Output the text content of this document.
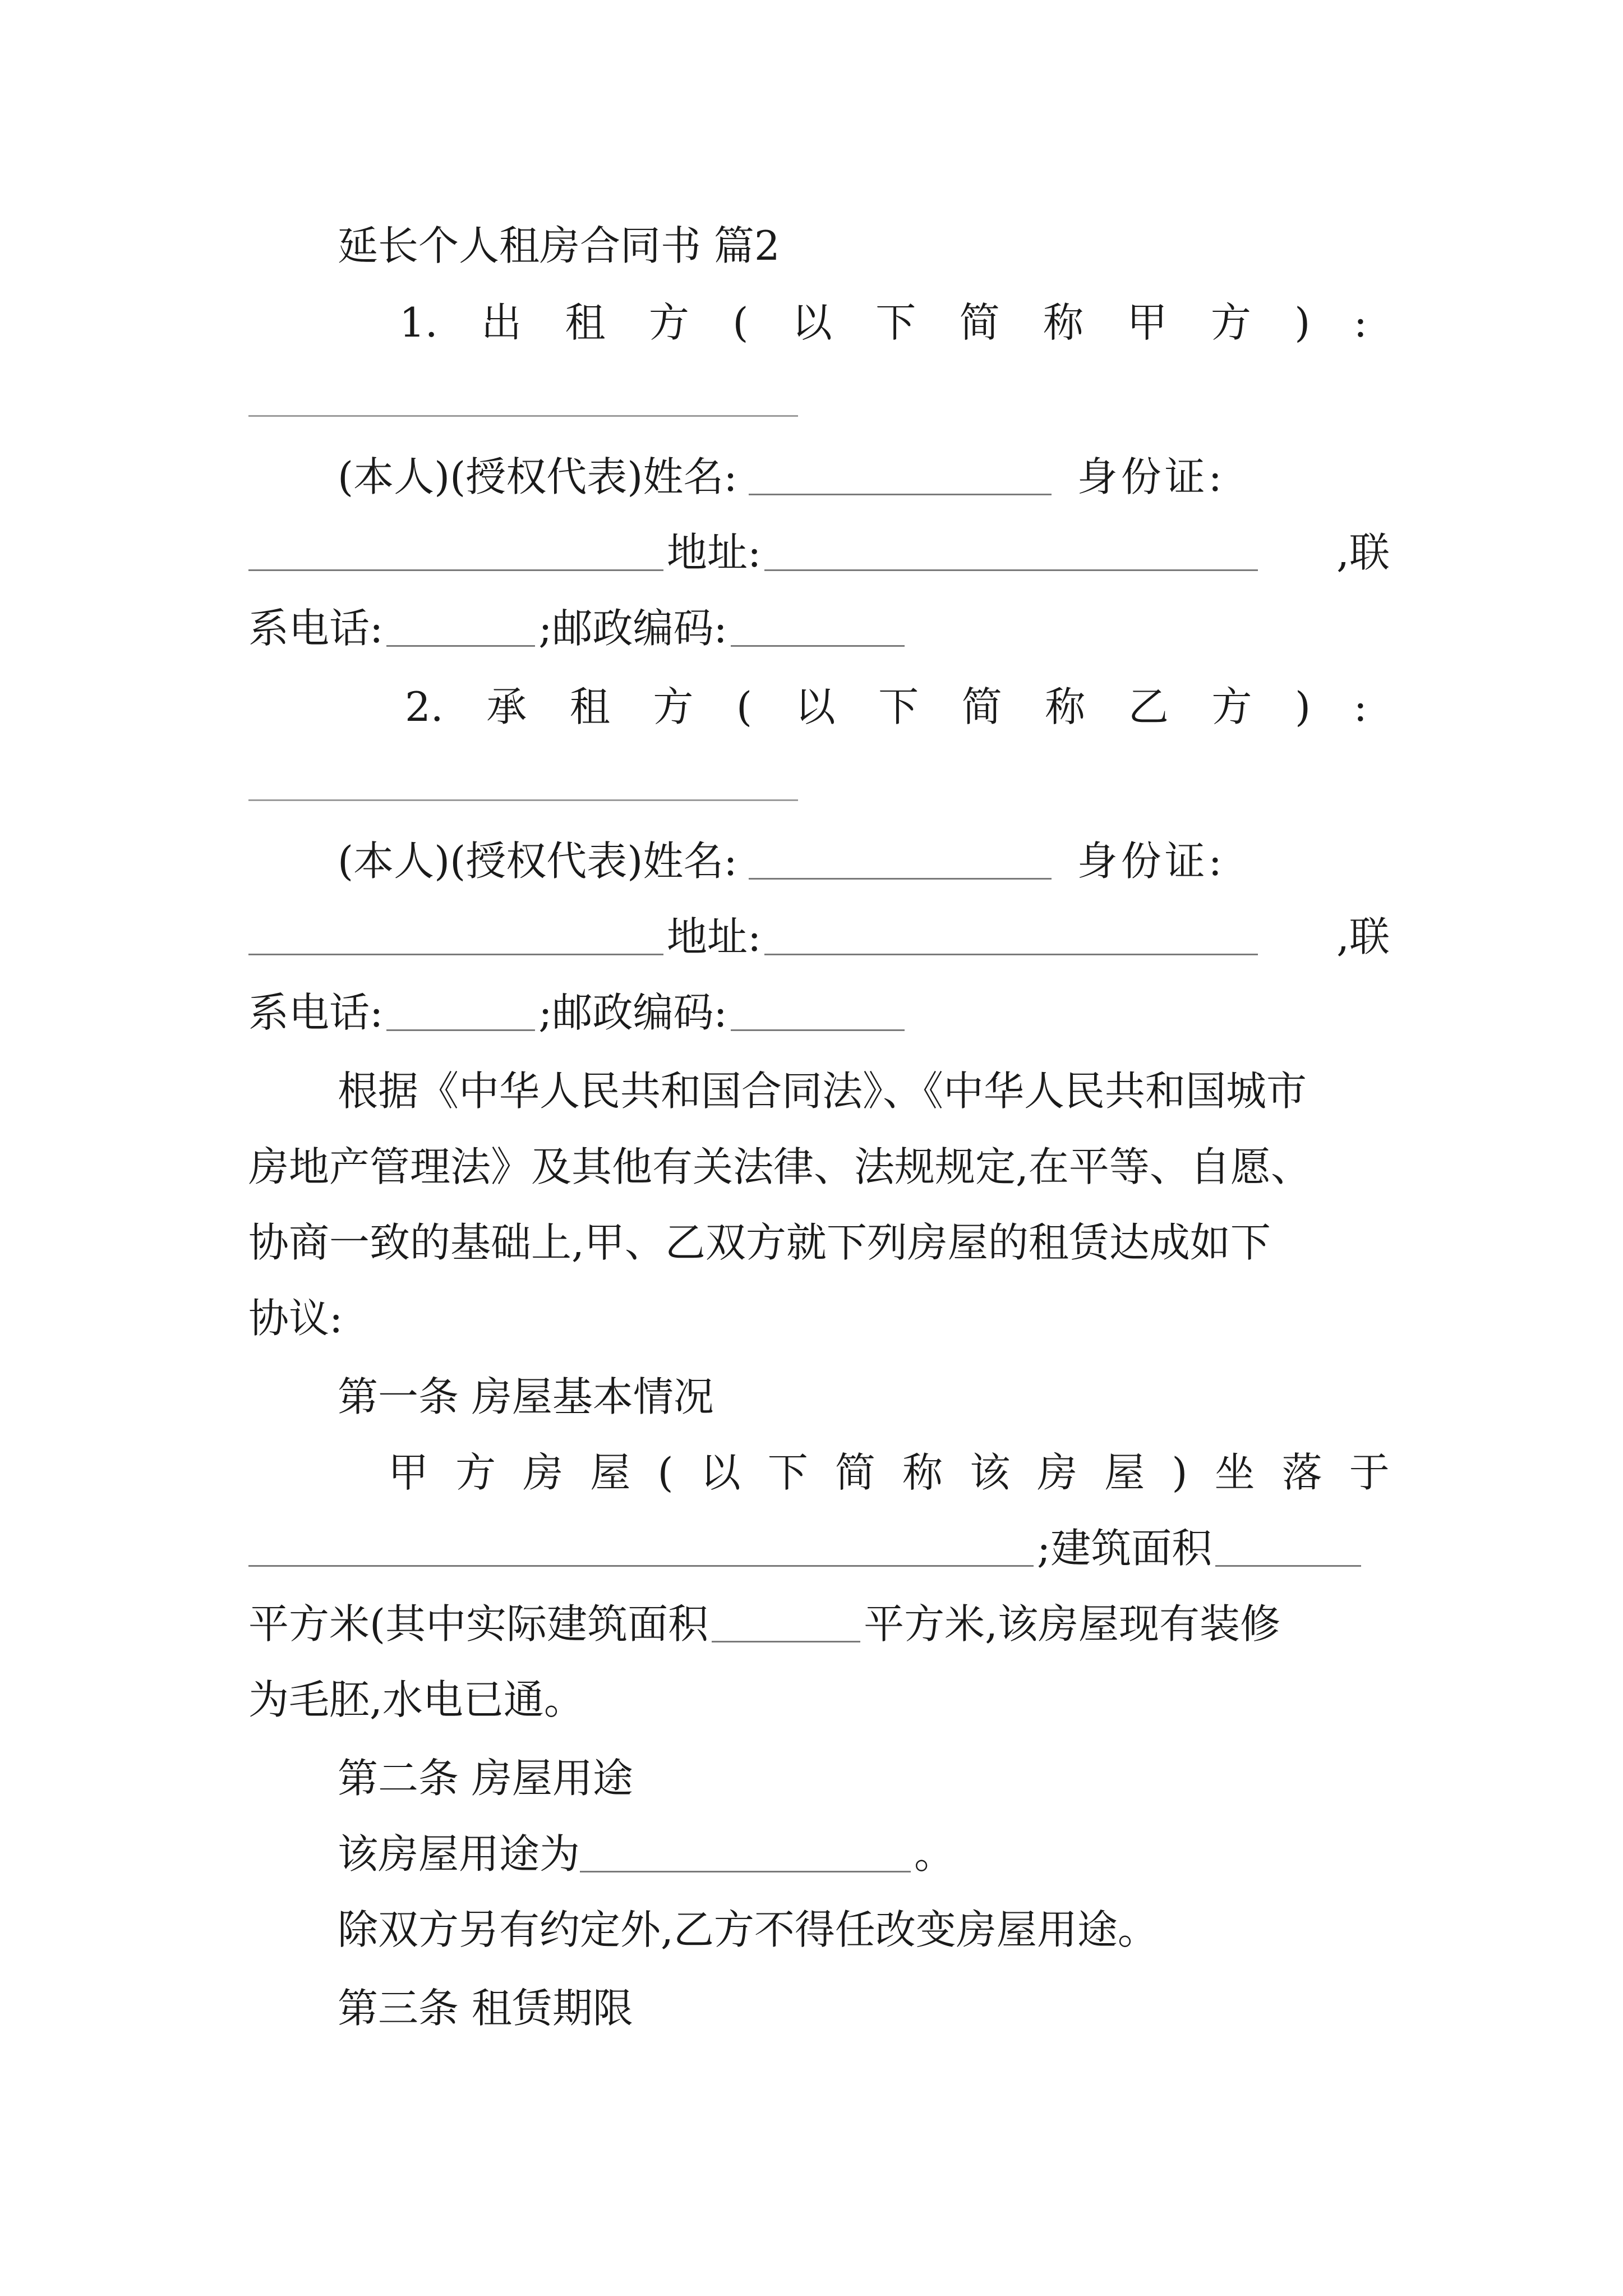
延长个人租房合同书 篇2
1. 出 租 方 ( 以 下 简 称 甲 方 ) :
(本人)(授权代表)姓名:	身份证:
地址:	,联
系电话:	;邮政编码:
2. 承 租 方 ( 以 下 简 称 乙 方 ) :
(本人)(授权代表)姓名:	身份证:
地址:	,联
系电话:	;邮政编码:
根据《中华人民共和国合同法》、《中华人民共和国城市
房地产管理法》及其他有关法律、法规规定,在平等、自愿、
协商一致的基础上,甲、乙双方就下列房屋的租赁达成如下
协议:
第一条 房屋基本情况
甲 方 房 屋 ( 以 下 简 称 该 房 屋 ) 坐 落 于
;建筑面积
平方米(其中实际建筑面积	平方米,该房屋现有装修
为毛胚,水电已通。
第二条 房屋用途
该房屋用途为	。
除双方另有约定外,乙方不得任改变房屋用途。
第三条 租赁期限
